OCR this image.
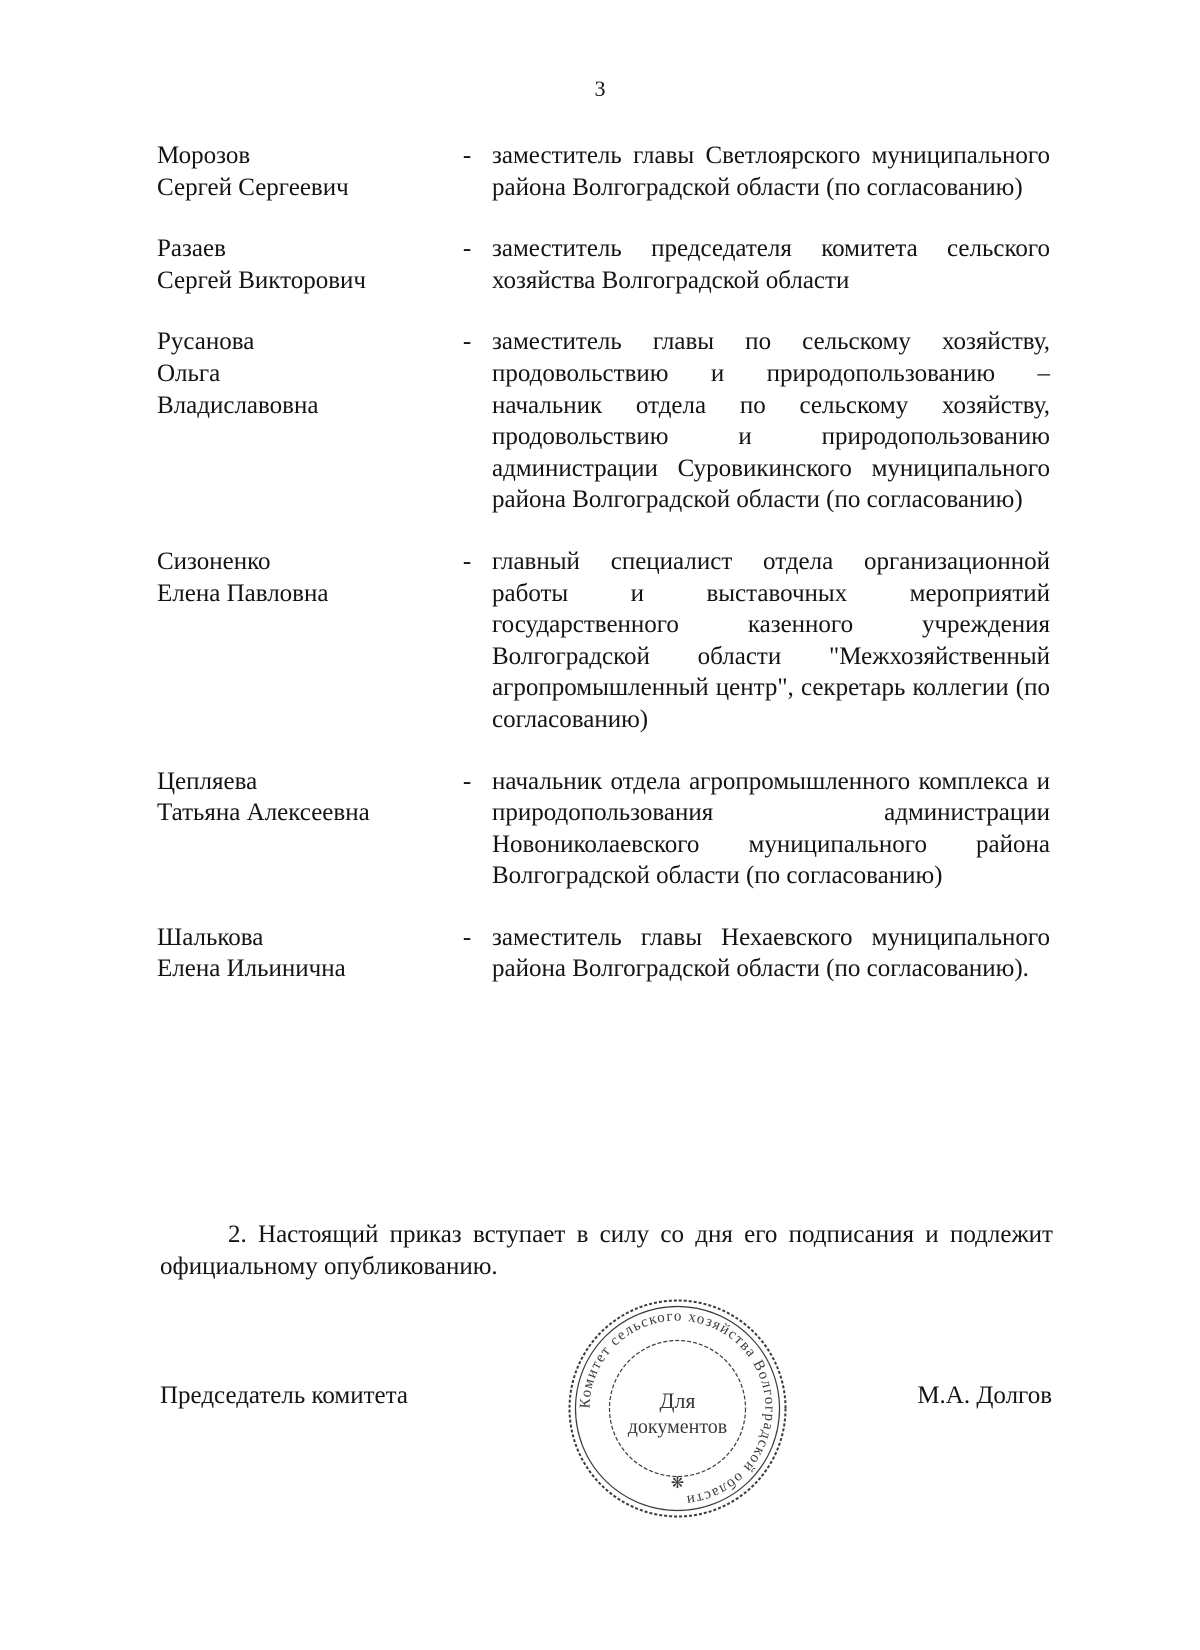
3
Морозов
Сергей Сергеевич
- заместитель главы Светлоярского муниципального района Волгоградской области (по согласованию)
Разаев
Сергей Викторович
- заместитель председателя комитета сельского хозяйства Волгоградской области
Русанова
Ольга
Владиславовна
- заместитель главы по сельскому хозяйству, продовольствию и природопользованию – начальник отдела по сельскому хозяйству, продовольствию и природопользованию администрации Суровикинского муниципального района Волгоградской области (по согласованию)
Сизоненко
Елена Павловна
- главный специалист отдела организационной работы и выставочных мероприятий государственного казенного учреждения Волгоградской области "Межхозяйственный агропромышленный центр", секретарь коллегии (по согласованию)
Цепляева
Татьяна Алексеевна
- начальник отдела агропромышленного комплекса и природопользования администрации Новониколаевского муниципального района Волгоградской области (по согласованию)
Шалькова
Елена Ильинична
- заместитель главы Нехаевского муниципального района Волгоградской области (по согласованию).

2. Настоящий приказ вступает в силу со дня его подписания и подлежит официальному опубликованию.

Председатель комитета	М.А. Долгов
Комитет сельского хозяйства Волгоградской области
Для
документов
❋
